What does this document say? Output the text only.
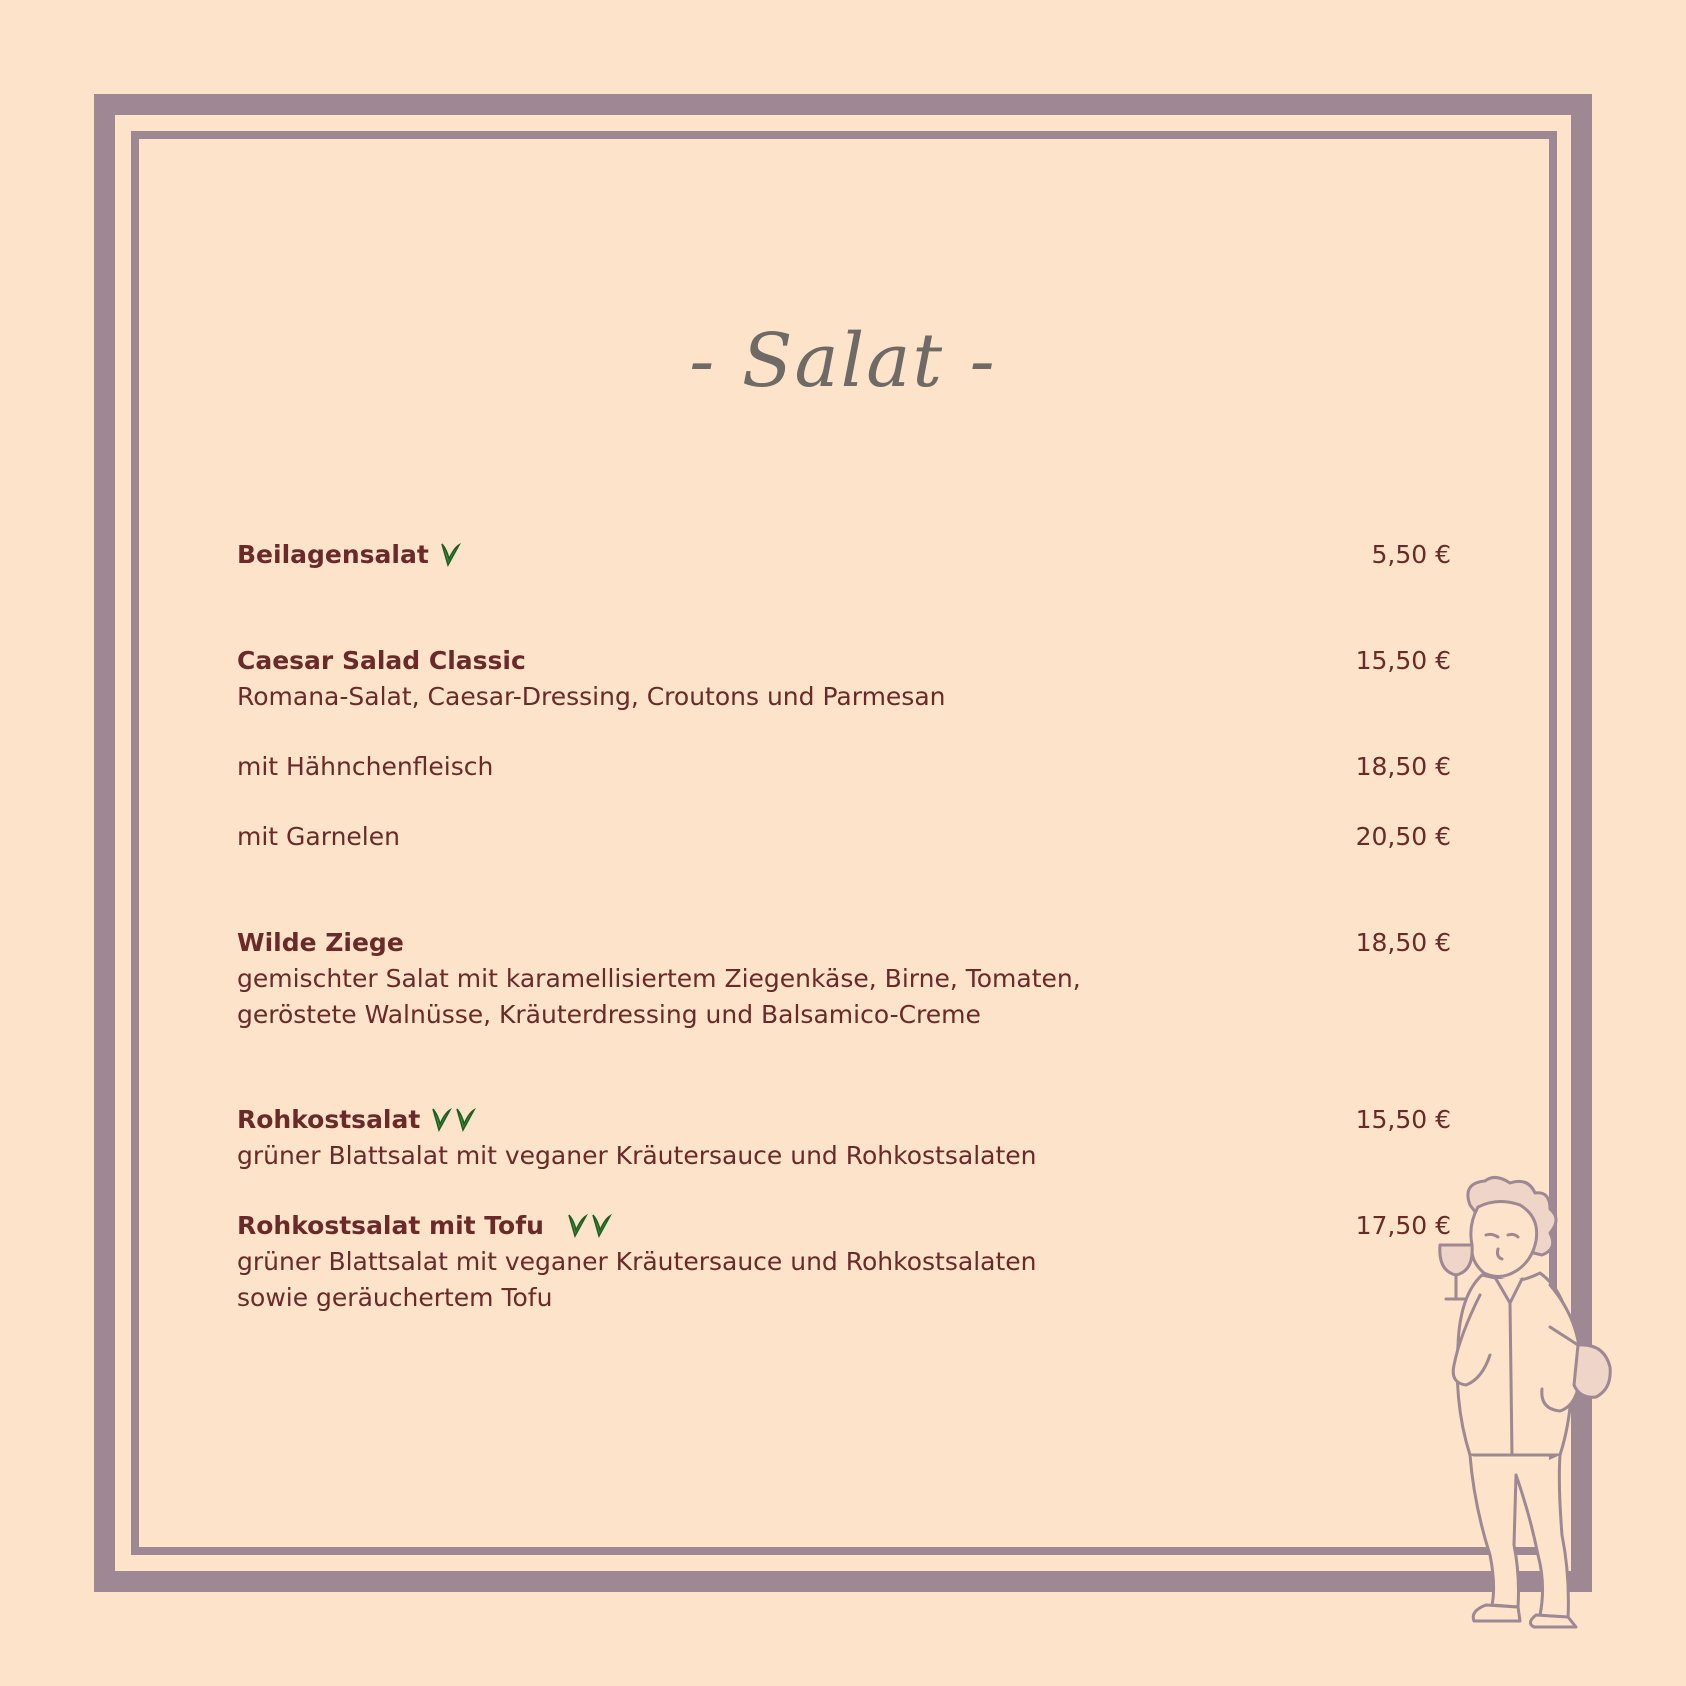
- Salat -
Beilagensalat	5,50 €
Caesar Salad Classic	15,50 €
Romana-Salat, Caesar-Dressing, Croutons und Parmesan
mit Hähnchenfleisch	18,50 €
mit Garnelen	20,50 €
Wilde Ziege	18,50 €
gemischter Salat mit karamellisiertem Ziegenkäse, Birne, Tomaten,
geröstete Walnüsse, Kräuterdressing und Balsamico-Creme
Rohkostsalat	15,50 €
grüner Blattsalat mit veganer Kräutersauce und Rohkostsalaten
Rohkostsalat mit Tofu	17,50 €
grüner Blattsalat mit veganer Kräutersauce und Rohkostsalaten
sowie geräuchertem Tofu
